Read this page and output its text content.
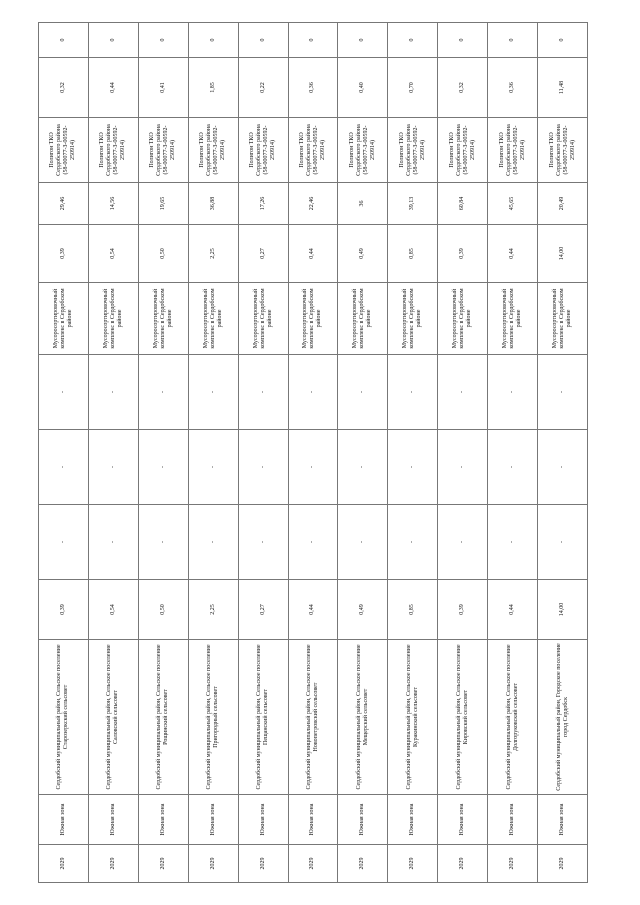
2029	Южная зона	Сердобский муниципальный район, Сельское поселение Старозеркский сельсовет	0,39	-	-	-	Мусоросортировочный комплекс в Сердобском районе	0,39	29,46	Полигон ТКО Сердобского района (58-00077-З-00592-250914)	0,32	0
2029	Южная зона	Сердобский муниципальный район, Сельское поселение Саловский сельсовет	0,54	-	-	-	Мусоросортировочный комплекс в Сердобском районе	0,54	14,56	Полигон ТКО Сердобского района (58-00077-З-00592-250914)	0,44	0
2029	Южная зона	Сердобский муниципальный район, Сельское поселение Рощинский сельсовет	0,50	-	-	-	Мусоросортировочный комплекс в Сердобском районе	0,50	19,65	Полигон ТКО Сердобского района (58-00077-З-00592-250914)	0,41	0
2029	Южная зона	Сердобский муниципальный район, Сельское поселение Пригородный сельсовет	2,25	-	-	-	Мусоросортировочный комплекс в Сердобском районе	2,25	36,88	Полигон ТКО Сердобского района (58-00077-З-00592-250914)	1,85	0
2029	Южная зона	Сердобский муниципальный район, Сельское поселение Пещанский сельсовет	0,27	-	-	-	Мусоросортировочный комплекс в Сердобском районе	0,27	17,26	Полигон ТКО Сердобского района (58-00077-З-00592-250914)	0,22	0
2029	Южная зона	Сердобский муниципальный район, Сельское поселение Новопетровский сельсовет	0,44	-	-	-	Мусоросортировочный комплекс в Сердобском районе	0,44	22,46	Полигон ТКО Сердобского района (58-00077-З-00592-250914)	0,36	0
2029	Южная зона	Сердобский муниципальный район, Сельское поселение Мещерский сельсовет	0,49	-	-	-	Мусоросортировочный комплекс в Сердобском районе	0,49	36	Полигон ТКО Сердобского района (58-00077-З-00592-250914)	0,40	0
2029	Южная зона	Сердобский муниципальный район, Сельское поселение Куракинский сельсовет	0,85	-	-	-	Мусоросортировочный комплекс в Сердобском районе	0,85	39,13	Полигон ТКО Сердобского района (58-00077-З-00592-250914)	0,70	0
2029	Южная зона	Сердобский муниципальный район, Сельское поселение Кировский сельсовет	0,39	-	-	-	Мусоросортировочный комплекс в Сердобском районе	0,39	60,84	Полигон ТКО Сердобского района (58-00077-З-00592-250914)	0,32	0
2029	Южная зона	Сердобский муниципальный район, Сельское поселение Долгоруковский сельсовет	0,44	-	-	-	Мусоросортировочный комплекс в Сердобском районе	0,44	45,65	Полигон ТКО Сердобского района (58-00077-З-00592-250914)	0,36	0
2029	Южная зона	Сердобский муниципальный район, Городское поселение город Сердобск	14,00	-	-	-	Мусоросортировочный комплекс в Сердобском районе	14,00	20,49	Полигон ТКО Сердобского района (58-00077-З-00592-250914)	11,48	0
